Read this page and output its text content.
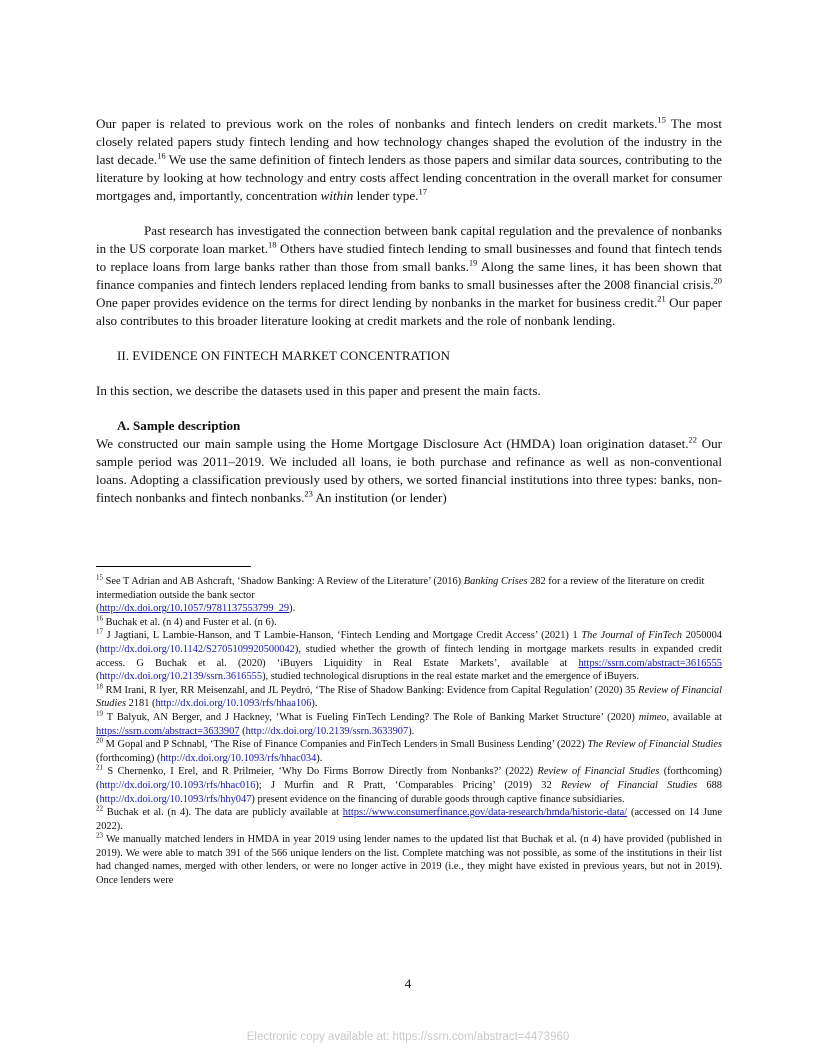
Our paper is related to previous work on the roles of nonbanks and fintech lenders on credit markets.$^{15}$ The most closely related papers study fintech lending and how technology changes shaped the evolution of the industry in the last decade.$^{16}$ We use the same definition of fintech lenders as those papers and similar data sources, contributing to the literature by looking at how technology and entry costs affect lending concentration in the overall market for consumer mortgages and, importantly, concentration within lender type.$^{17}$

Past research has investigated the connection between bank capital regulation and the prevalence of nonbanks in the US corporate loan market.$^{18}$ Others have studied fintech lending to small businesses and found that fintech tends to replace loans from large banks rather than those from small banks.$^{19}$ Along the same lines, it has been shown that finance companies and fintech lenders replaced lending from banks to small businesses after the 2008 financial crisis.$^{20}$ One paper provides evidence on the terms for direct lending by nonbanks in the market for business credit.$^{21}$ Our paper also contributes to this broader literature looking at credit markets and the role of nonbank lending.

II. EVIDENCE ON FINTECH MARKET CONCENTRATION

In this section, we describe the datasets used in this paper and present the main facts.

A. Sample description

We constructed our main sample using the Home Mortgage Disclosure Act (HMDA) loan origination dataset.$^{22}$ Our sample period was 2011–2019. We included all loans, ie both purchase and refinance as well as non-conventional loans. Adopting a classification previously used by others, we sorted financial institutions into three types: banks, non-fintech nonbanks and fintech nonbanks.$^{23}$ An institution (or lender)

$^{15}$ See T Adrian and AB Ashcraft, ‘Shadow Banking: A Review of the Literature’ (2016) Banking Crises 282 for a review of the literature on credit intermediation outside the bank sector
(http://dx.doi.org/10.1057/9781137553799_29).

$^{16}$ Buchak et al. (n 4) and Fuster et al. (n 6).

$^{17}$ J Jagtiani, L Lambie-Hanson, and T Lambie-Hanson, ‘Fintech Lending and Mortgage Credit Access’ (2021) 1 The Journal of FinTech 2050004 (http://dx.doi.org/10.1142/S2705109920500042), studied whether the growth of fintech lending in mortgage markets results in expanded credit access. G Buchak et al. (2020) ‘iBuyers Liquidity in Real Estate Markets’, available at https://ssrn.com/abstract=3616555 (http://dx.doi.org/10.2139/ssrn.3616555), studied technological disruptions in the real estate market and the emergence of iBuyers.

$^{18}$ RM Irani, R Iyer, RR Meisenzahl, and JL Peydró, ‘The Rise of Shadow Banking: Evidence from Capital Regulation’ (2020) 35 Review of Financial Studies 2181 (http://dx.doi.org/10.1093/rfs/hhaa106).

$^{19}$ T Balyuk, AN Berger, and J Hackney, ‘What is Fueling FinTech Lending? The Role of Banking Market Structure’ (2020) mimeo, available at https://ssrn.com/abstract=3633907 (http://dx.doi.org/10.2139/ssrn.3633907).

$^{20}$ M Gopal and P Schnabl, ‘The Rise of Finance Companies and FinTech Lenders in Small Business Lending’ (2022) The Review of Financial Studies (forthcoming) (http://dx.doi.org/10.1093/rfs/hhac034).

$^{21}$ S Chernenko, I Erel, and R Prilmeier, ‘Why Do Firms Borrow Directly from Nonbanks?’ (2022) Review of Financial Studies (forthcoming) (http://dx.doi.org/10.1093/rfs/hhac016); J Murfin and R Pratt, ‘Comparables Pricing’ (2019) 32 Review of Financial Studies 688 (http://dx.doi.org/10.1093/rfs/hhy047) present evidence on the financing of durable goods through captive finance subsidiaries.

$^{22}$ Buchak et al. (n 4). The data are publicly available at https://www.consumerfinance.gov/data-research/hmda/historic-data/ (accessed on 14 June 2022).

$^{23}$ We manually matched lenders in HMDA in year 2019 using lender names to the updated list that Buchak et al. (n 4) have provided (published in 2019). We were able to match 391 of the 566 unique lenders on the list. Complete matching was not possible, as some of the institutions in their list had changed names, merged with other lenders, or were no longer active in 2019 (i.e., they might have existed in previous years, but not in 2019). Once lenders were

4
Electronic copy available at: https://ssrn.com/abstract=4473960
